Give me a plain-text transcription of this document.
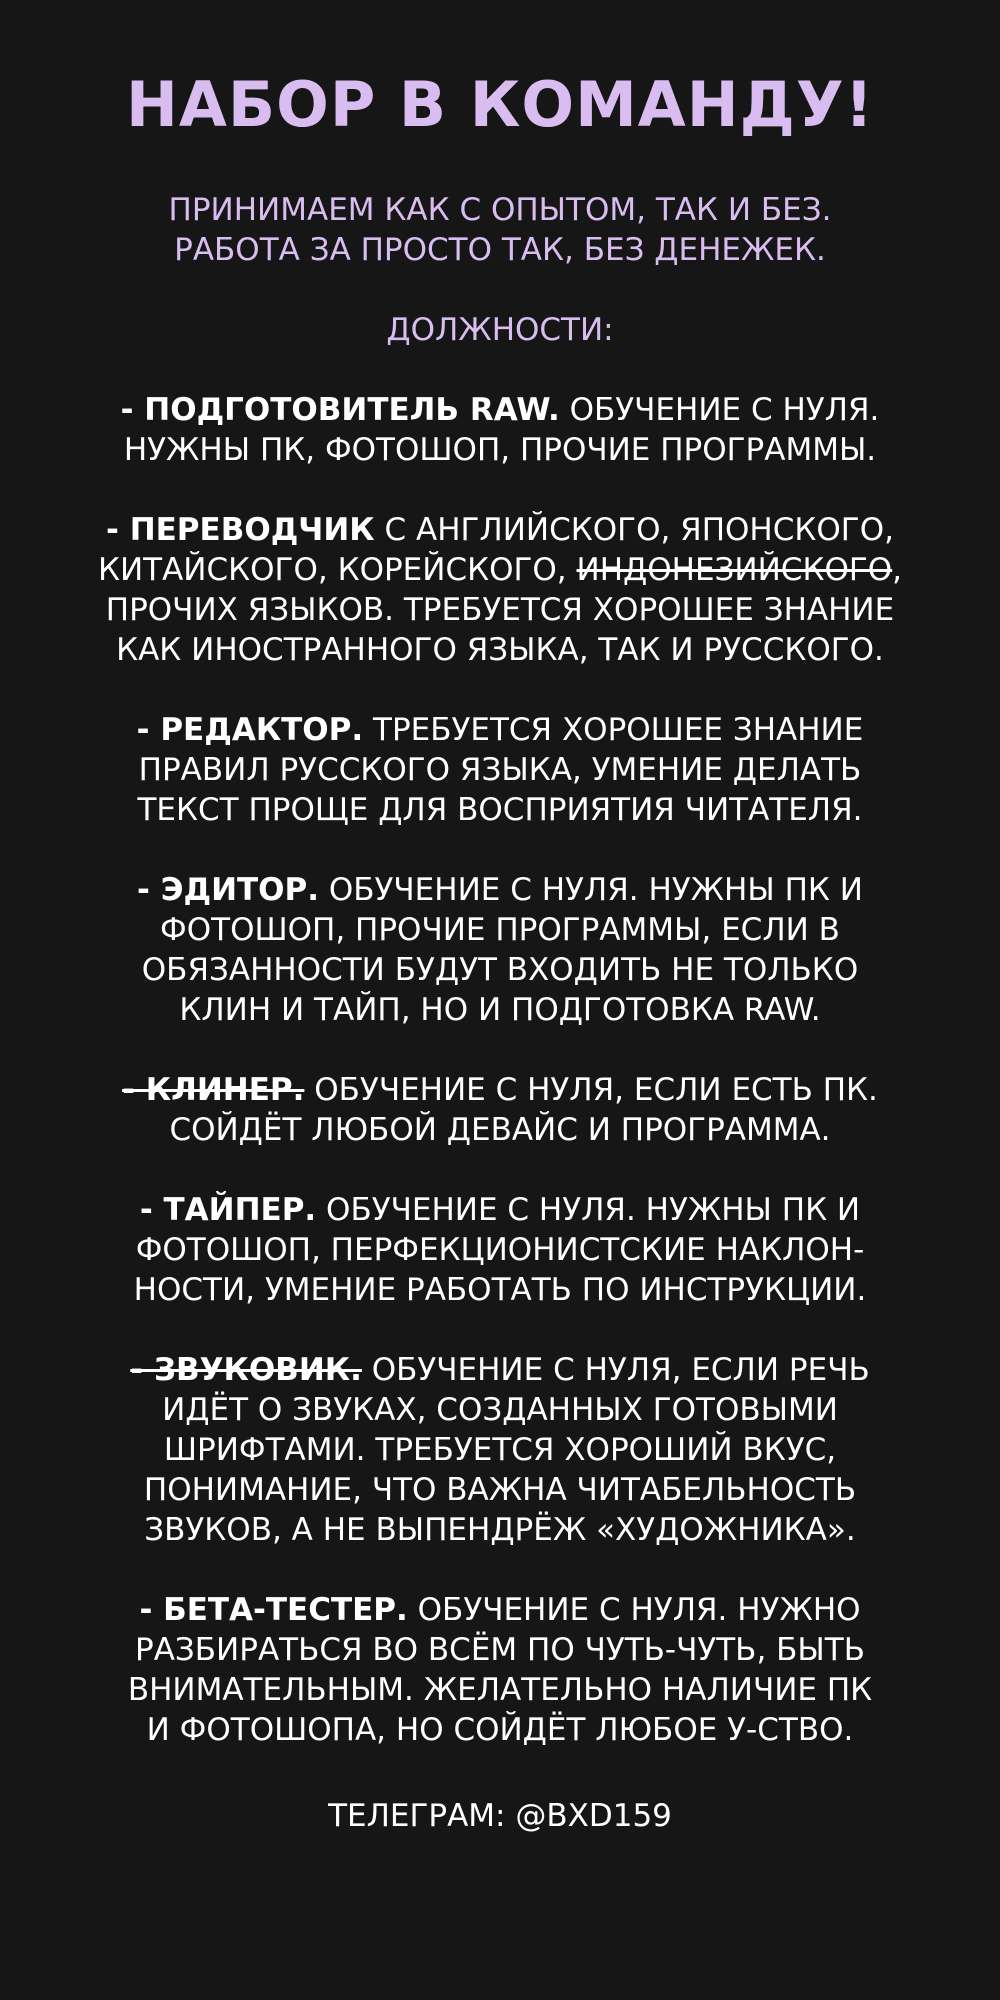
НАБОР В КОМАНДУ!

ПРИНИМАЕМ КАК С ОПЫТОМ, ТАК И БЕЗ.
РАБОТА ЗА ПРОСТО ТАК, БЕЗ ДЕНЕЖЕК.

ДОЛЖНОСТИ:

- ПОДГОТОВИТЕЛЬ RAW. ОБУЧЕНИЕ С НУЛЯ.
НУЖНЫ ПК, ФОТОШОП, ПРОЧИЕ ПРОГРАММЫ.

- ПЕРЕВОДЧИК С АНГЛИЙСКОГО, ЯПОНСКОГО,
КИТАЙСКОГО, КОРЕЙСКОГО, ИНДОНЕЗИЙСКОГО,
ПРОЧИХ ЯЗЫКОВ. ТРЕБУЕТСЯ ХОРОШЕЕ ЗНАНИЕ
КАК ИНОСТРАННОГО ЯЗЫКА, ТАК И РУССКОГО.

- РЕДАКТОР. ТРЕБУЕТСЯ ХОРОШЕЕ ЗНАНИЕ
ПРАВИЛ РУССКОГО ЯЗЫКА, УМЕНИЕ ДЕЛАТЬ
ТЕКСТ ПРОЩЕ ДЛЯ ВОСПРИЯТИЯ ЧИТАТЕЛЯ.

- ЭДИТОР. ОБУЧЕНИЕ С НУЛЯ. НУЖНЫ ПК И
ФОТОШОП, ПРОЧИЕ ПРОГРАММЫ, ЕСЛИ В
ОБЯЗАННОСТИ БУДУТ ВХОДИТЬ НЕ ТОЛЬКО
КЛИН И ТАЙП, НО И ПОДГОТОВКА RAW.

- КЛИНЕР. ОБУЧЕНИЕ С НУЛЯ, ЕСЛИ ЕСТЬ ПК.
СОЙДЁТ ЛЮБОЙ ДЕВАЙС И ПРОГРАММА.

- ТАЙПЕР. ОБУЧЕНИЕ С НУЛЯ. НУЖНЫ ПК И
ФОТОШОП, ПЕРФЕКЦИОНИСТСКИЕ НАКЛОН-
НОСТИ, УМЕНИЕ РАБОТАТЬ ПО ИНСТРУКЦИИ.

- ЗВУКОВИК. ОБУЧЕНИЕ С НУЛЯ, ЕСЛИ РЕЧЬ
ИДЁТ О ЗВУКАХ, СОЗДАННЫХ ГОТОВЫМИ
ШРИФТАМИ. ТРЕБУЕТСЯ ХОРОШИЙ ВКУС,
ПОНИМАНИЕ, ЧТО ВАЖНА ЧИТАБЕЛЬНОСТЬ
ЗВУКОВ, А НЕ ВЫПЕНДРЁЖ «ХУДОЖНИКА».

- БЕТА-ТЕСТЕР. ОБУЧЕНИЕ С НУЛЯ. НУЖНО
РАЗБИРАТЬСЯ ВО ВСЁМ ПО ЧУТЬ-ЧУТЬ, БЫТЬ
ВНИМАТЕЛЬНЫМ. ЖЕЛАТЕЛЬНО НАЛИЧИЕ ПК
И ФОТОШОПА, НО СОЙДЁТ ЛЮБОЕ У-СТВО.

ТЕЛЕГРАМ: @BXD159
